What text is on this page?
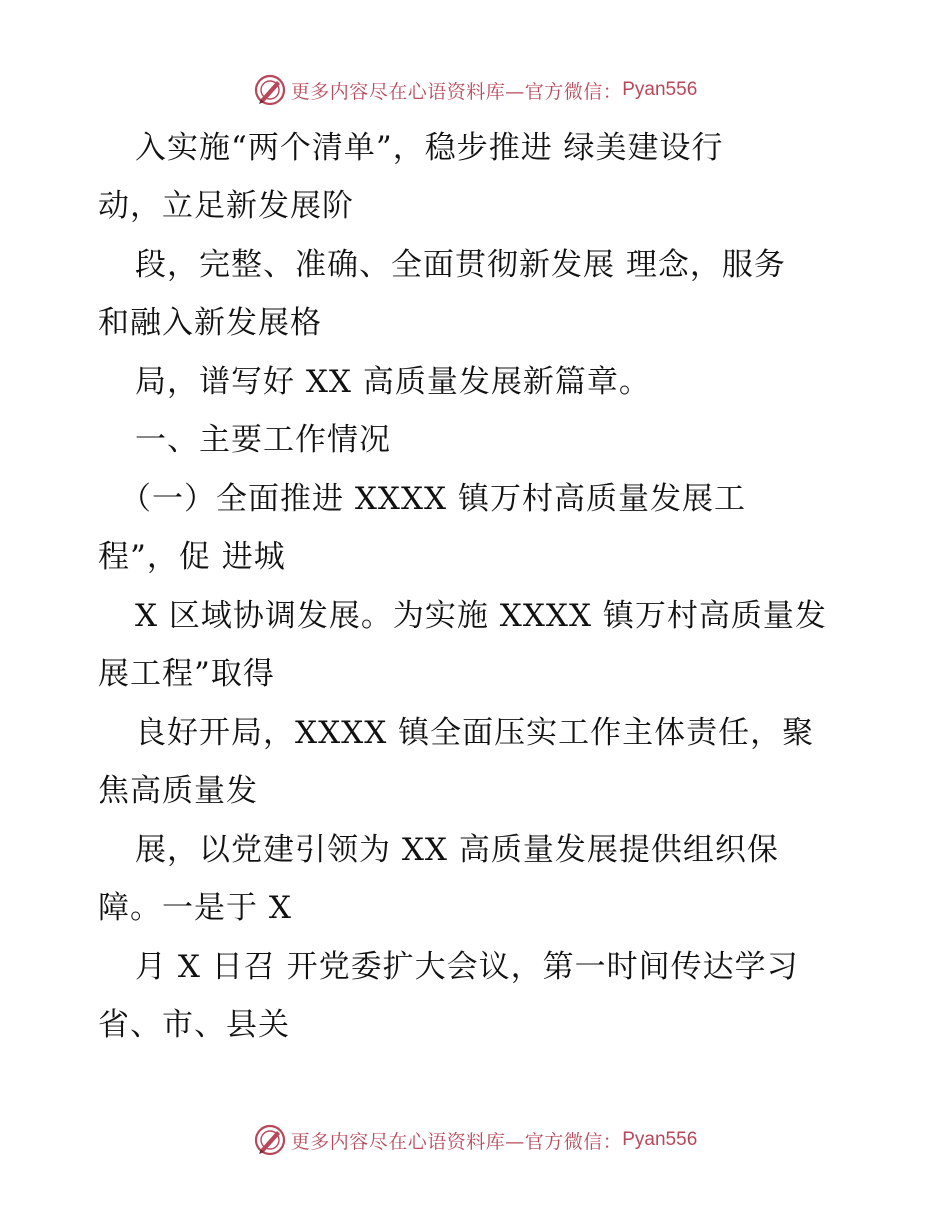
更多内容尽在心语资料库—官方微信： Pyan556
入实施“两个清单”，稳步推进 绿美建设行
动，立足新发展阶
段，完整、准确、全面贯彻新发展 理念，服务
和融入新发展格
局，谱写好 XX 高质量发展新篇章。
一、主要工作情况
（一）全面推进 XXXX 镇万村高质量发展工
程”，促 进城
X 区域协调发展。为实施 XXXX 镇万村高质量发
展工程”取得
良好开局，XXXX 镇全面压实工作主体责任，聚
焦高质量发
展，以党建引领为 XX 高质量发展提供组织保
障。一是于 X
月 X 日召 开党委扩大会议，第一时间传达学习
省、市、县关
更多内容尽在心语资料库—官方微信： Pyan556
